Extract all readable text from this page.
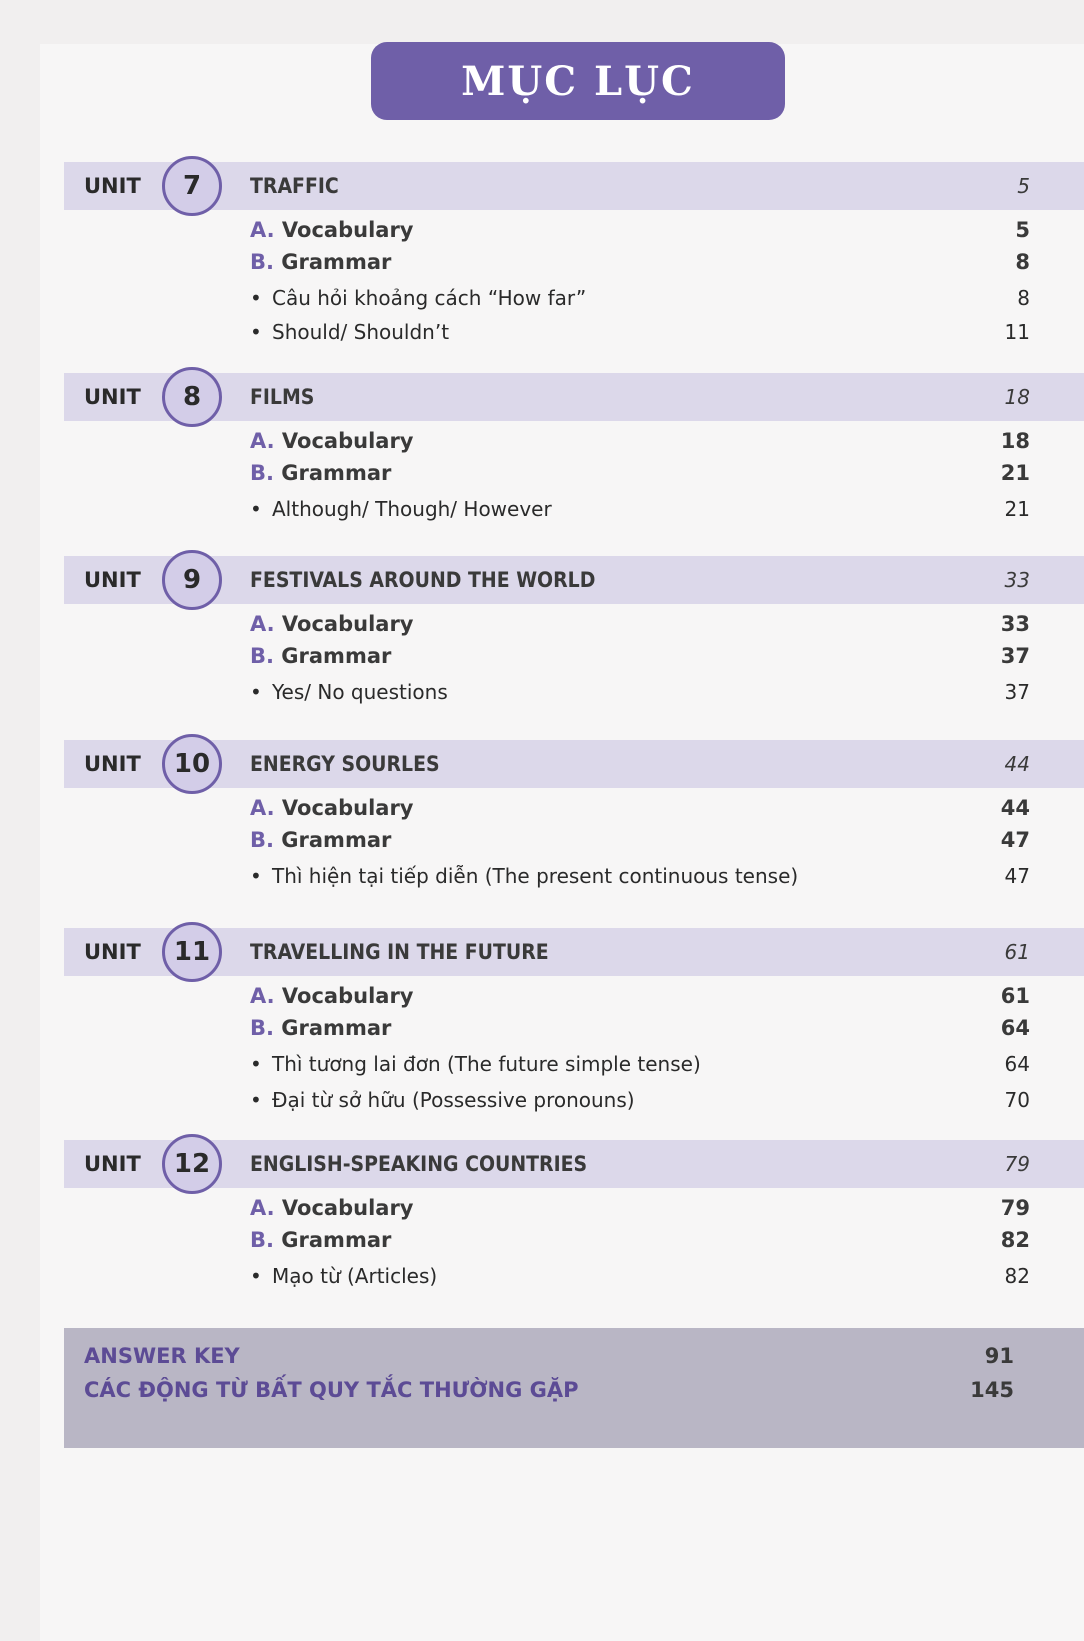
MỤC LỤC
UNIT	7	TRAFFIC	5
A. Vocabulary	5
B. Grammar	8
• Câu hỏi khoảng cách “How far”	8
• Should/ Shouldn’t	11
UNIT	8	FILMS	18
A. Vocabulary	18
B. Grammar	21
• Although/ Though/ However	21
UNIT	9	FESTIVALS AROUND THE WORLD	33
A. Vocabulary	33
B. Grammar	37
• Yes/ No questions	37
UNIT	10	ENERGY SOURLES	44
A. Vocabulary	44
B. Grammar	47
• Thì hiện tại tiếp diễn (The present continuous tense)	47
UNIT	11	TRAVELLING IN THE FUTURE	61
A. Vocabulary	61
B. Grammar	64
• Thì tương lai đơn (The future simple tense)	64
• Đại từ sở hữu (Possessive pronouns)	70
UNIT	12	ENGLISH-SPEAKING COUNTRIES	79
A. Vocabulary	79
B. Grammar	82
• Mạo từ (Articles)	82
ANSWER KEY	91
CÁC ĐỘNG TỪ BẤT QUY TẮC THƯỜNG GẶP	145
